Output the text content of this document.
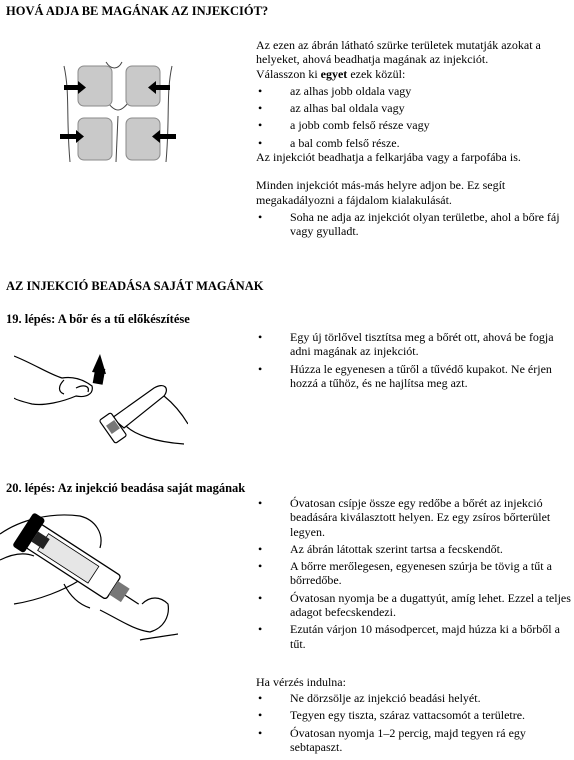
HOVÁ ADJA BE MAGÁNAK AZ INJEKCIÓT?
Az ezen az ábrán látható szürke területek mutatják azokat a helyeket, ahová beadhatja magának az injekciót.
Válasszon ki egyet ezek közül:
• az alhas jobb oldala vagy
• az alhas bal oldala vagy
• a jobb comb felső része vagy
• a bal comb felső része.
Az injekciót beadhatja a felkarjába vagy a farpofába is.
Minden injekciót más-más helyre adjon be. Ez segít megakadályozni a fájdalom kialakulását.
• Soha ne adja az injekciót olyan területbe, ahol a bőre fáj vagy gyulladt.
AZ INJEKCIÓ BEADÁSA SAJÁT MAGÁNAK
19. lépés: A bőr és a tű előkészítése
• Egy új törlővel tisztítsa meg a bőrét ott, ahová be fogja adni magának az injekciót.
• Húzza le egyenesen a tűről a tűvédő kupakot. Ne érjen hozzá a tűhöz, és ne hajlítsa meg azt.
20. lépés: Az injekció beadása saját magának
• Óvatosan csípje össze egy redőbe a bőrét az injekció beadására kiválasztott helyen. Ez egy zsíros bőrterület legyen.
• Az ábrán látottak szerint tartsa a fecskendőt.
• A bőrre merőlegesen, egyenesen szúrja be tövig a tűt a bőrredőbe.
• Óvatosan nyomja be a dugattyút, amíg lehet. Ezzel a teljes adagot befecskendezi.
• Ezután várjon 10 másodpercet, majd húzza ki a bőrből a tűt.
Ha vérzés indulna:
• Ne dörzsölje az injekció beadási helyét.
• Tegyen egy tiszta, száraz vattacsomót a területre.
• Óvatosan nyomja 1–2 percig, majd tegyen rá egy sebtapaszt.
